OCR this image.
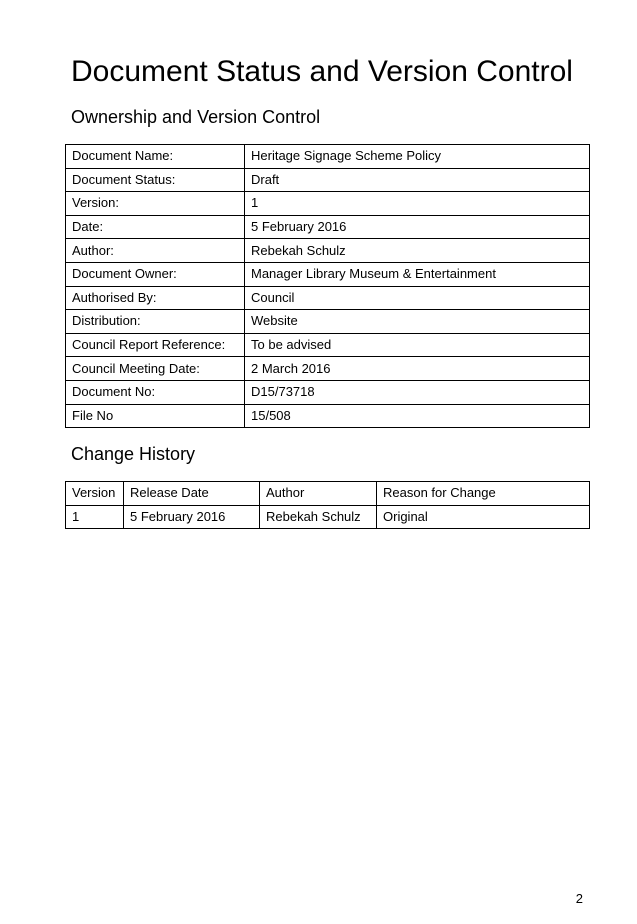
Document Status and Version Control
Ownership and Version Control
Document Name:	Heritage Signage Scheme Policy
Document Status:	Draft
Version:	1
Date:	5 February 2016
Author:	Rebekah Schulz
Document Owner:	Manager Library Museum & Entertainment
Authorised By:	Council
Distribution:	Website
Council Report Reference:	To be advised
Council Meeting Date:	2 March 2016
Document No:	D15/73718
File No	15/508
Change History
Version	Release Date	Author	Reason for Change
1	5 February 2016	Rebekah Schulz	Original
2
